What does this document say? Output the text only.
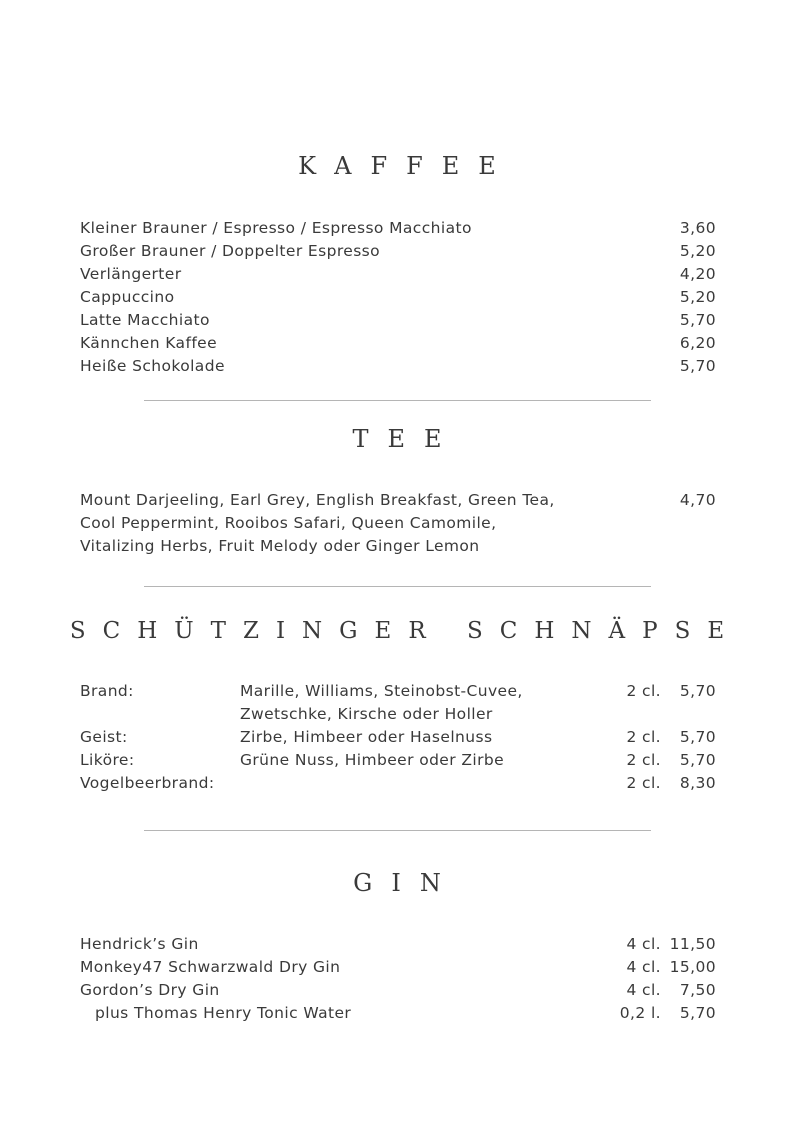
KAFFEE
Kleiner Brauner / Espresso / Espresso Macchiato	3,60
Großer Brauner / Doppelter Espresso	5,20
Verlängerter	4,20
Cappuccino	5,20
Latte Macchiato	5,70
Kännchen Kaffee	6,20
Heiße Schokolade	5,70
TEE
Mount Darjeeling, Earl Grey, English Breakfast, Green Tea,	4,70
Cool Peppermint, Rooibos Safari, Queen Camomile,
Vitalizing Herbs, Fruit Melody oder Ginger Lemon
SCHÜTZINGER SCHNÄPSE
Brand:	Marille, Williams, Steinobst-Cuvee,	2 cl. 5,70
Zwetschke, Kirsche oder Holler
Geist:	Zirbe, Himbeer oder Haselnuss	2 cl. 5,70
Liköre:	Grüne Nuss, Himbeer oder Zirbe	2 cl. 5,70
Vogelbeerbrand:	2 cl. 8,30
GIN
Hendrick’s Gin	4 cl. 11,50
Monkey47 Schwarzwald Dry Gin	4 cl. 15,00
Gordon’s Dry Gin	4 cl. 7,50
plus Thomas Henry Tonic Water	0,2 l. 5,70
